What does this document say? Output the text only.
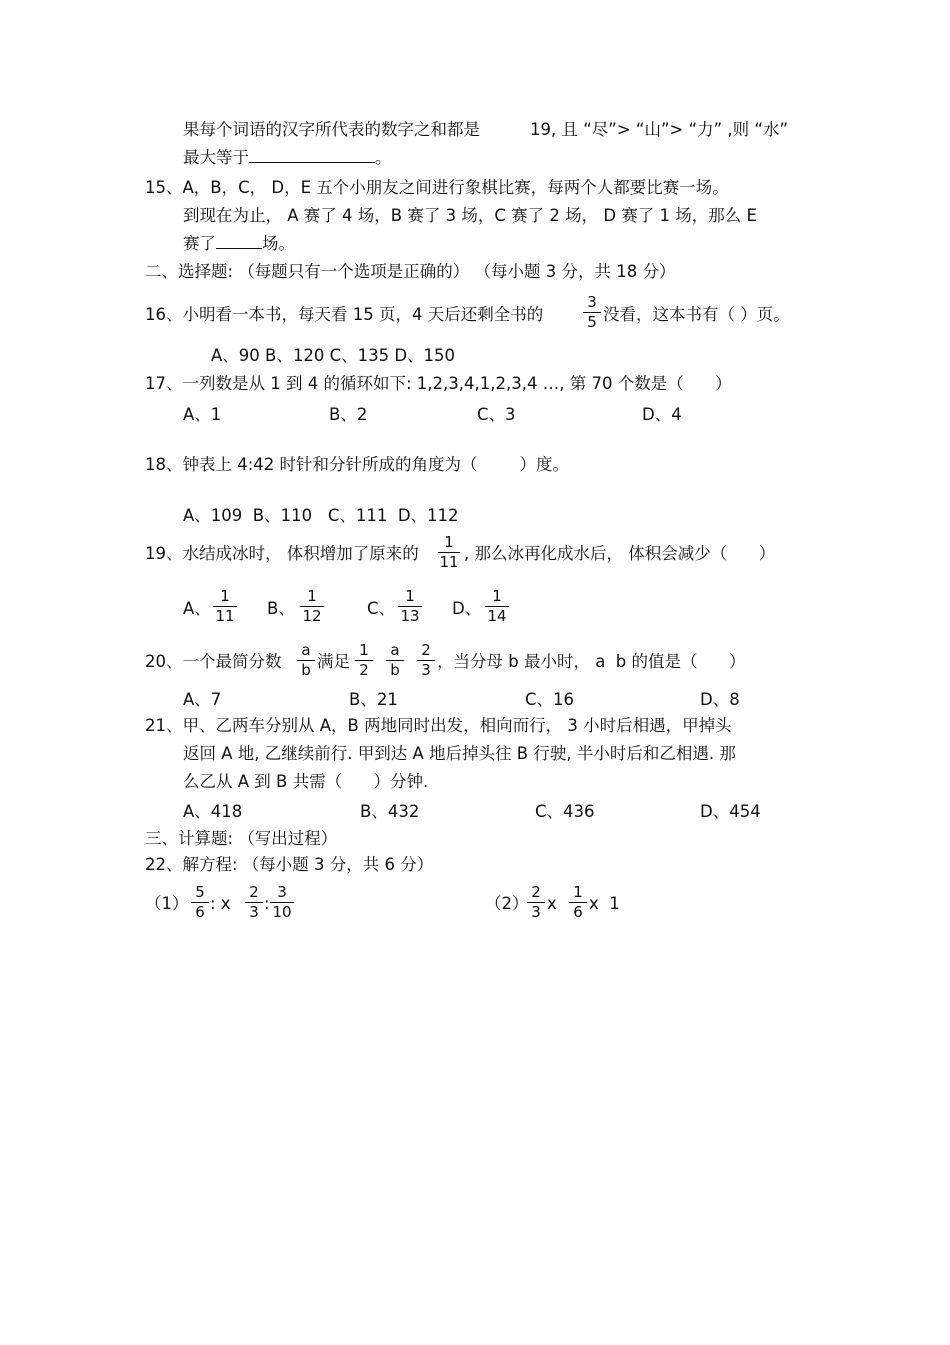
果每个词语的汉字所代表的数字之和都是	19, 且 “尽”> “山”> “力” ,则 “水”
最大等于	。
15、A，B，C， D，E 五个小朋友之间进行象棋比赛，每两个人都要比赛一场。
到现在为止， A 赛了 4 场，B 赛了 3 场，C 赛了 2 场， D 赛了 1 场，那么 E
赛了	场。
二、选择题: （每题只有一个选项是正确的） （每小题 3 分，共 18 分）
16、小明看一本书，每天看 15 页，4 天后还剩全书的
3
5 没看，这本书有（ ）页。
A、90 B、120 C、135 D、150
17、一列数是从 1 到 4 的循环如下: 1,2,3,4,1,2,3,4 …, 第 70 个数是（      ）
A、1	B、2	C、3	D、4
18、钟表上 4:42 时针和分针所成的角度为（        ）度。
A、109  B、110   C、111  D、112
19、水结成冰时， 体积增加了原来的
1
11 , 那么冰再化成水后， 体积会减少（      ）
A、
1
11 B、
1
12	C、
1
13 D、
1
14
20、一个最简分数
a
b 满足
1
2
a
b
2
3 ，当分母 b 最小时， a  b 的值是（      ）
A、7	B、21	C、16	D、8
21、甲、乙两车分别从 A，B 两地同时出发，相向而行， 3 小时后相遇，甲掉头
返回 A 地, 乙继续前行. 甲到达 A 地后掉头往 B 行驶, 半小时后和乙相遇. 那
么乙从 A 到 B 共需（      ）分钟.
A、418	B、432	C、436	D、454
三、计算题: （写出过程）
22、解方程: （每小题 3 分，共 6 分）
（1）
5
6 : x
2
3 :
3
10	（2）
2
3 x
1
6 x  1
